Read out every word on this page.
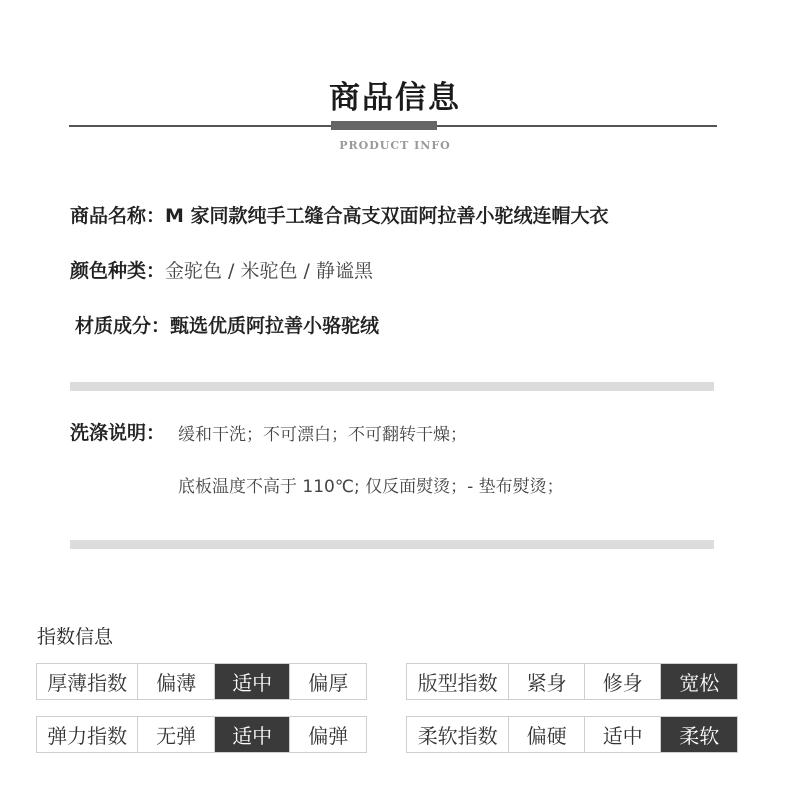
商品信息
PRODUCT INFO
商品名称：M 家同款纯手工缝合高支双面阿拉善小驼绒连帽大衣
颜色种类：金驼色 / 米驼色 / 静谧黑
材质成分：甄选优质阿拉善小骆驼绒
洗涤说明： 缓和干洗；不可漂白；不可翻转干燥；
底板温度不高于 110℃; 仅反面熨烫；- 垫布熨烫；
指数信息
厚薄指数	偏薄	适中	偏厚	版型指数	紧身	修身	宽松
弹力指数	无弹	适中	偏弹	柔软指数	偏硬	适中	柔软
